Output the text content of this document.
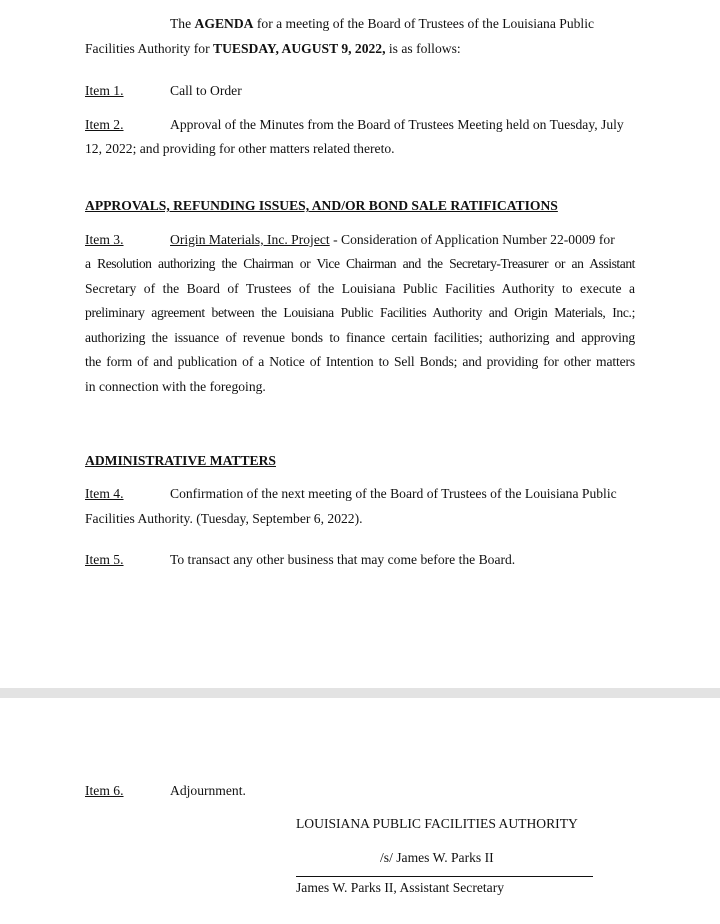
The AGENDA for a meeting of the Board of Trustees of the Louisiana Public
Facilities Authority for TUESDAY, AUGUST 9, 2022, is as follows:
Item 1.	Call to Order
Item 2.	Approval of the Minutes from the Board of Trustees Meeting held on Tuesday, July
12, 2022; and providing for other matters related thereto.
APPROVALS, REFUNDING ISSUES, AND/OR BOND SALE RATIFICATIONS
Item 3.	Origin Materials, Inc. Project - Consideration of Application Number 22-0009 for
a Resolution authorizing the Chairman or Vice Chairman and the Secretary-Treasurer or an Assistant
Secretary of the Board of Trustees of the Louisiana Public Facilities Authority to execute a
preliminary agreement between the Louisiana Public Facilities Authority and Origin Materials, Inc.;
authorizing the issuance of revenue bonds to finance certain facilities; authorizing and approving
the form of and publication of a Notice of Intention to Sell Bonds; and providing for other matters
in connection with the foregoing.
ADMINISTRATIVE MATTERS
Item 4.	Confirmation of the next meeting of the Board of Trustees of the Louisiana Public
Facilities Authority. (Tuesday, September 6, 2022).
Item 5.	To transact any other business that may come before the Board.
Item 6.	Adjournment.
LOUISIANA PUBLIC FACILITIES AUTHORITY
/s/ James W. Parks II
James W. Parks II, Assistant Secretary
